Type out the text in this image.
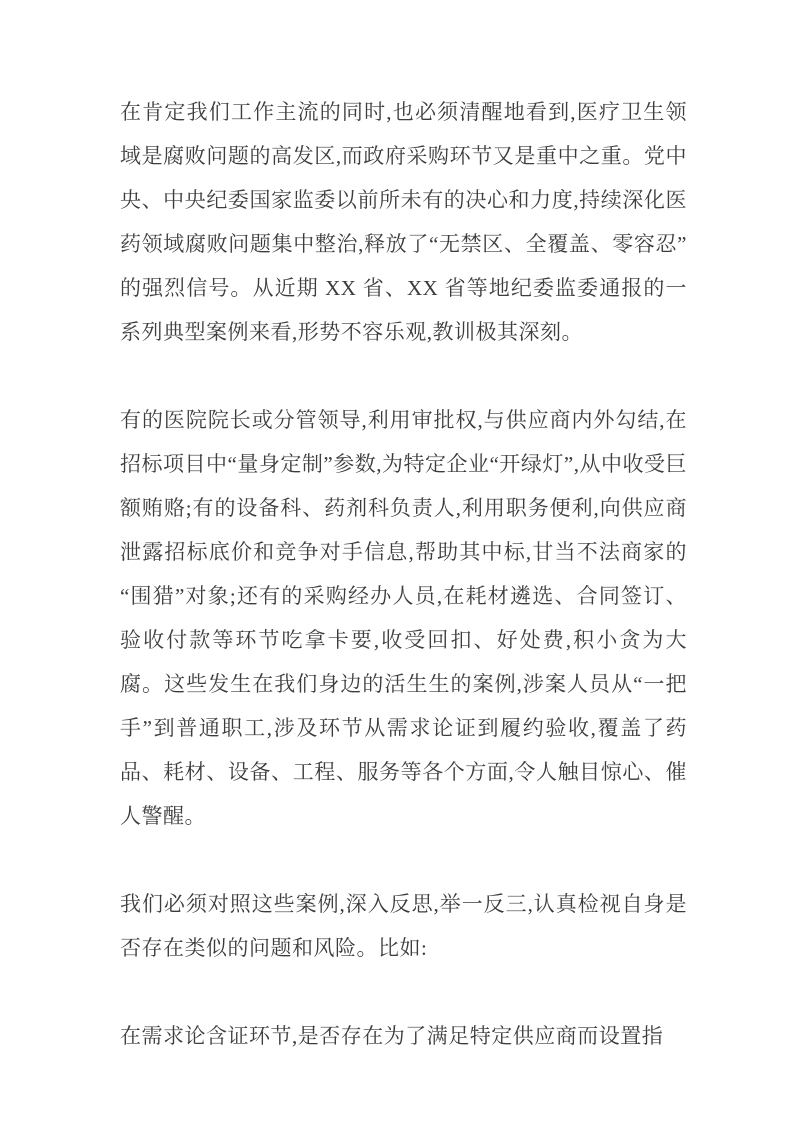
在肯定我们工作主流的同时,也必须清醒地看到,医疗卫生领域是腐败问题的高发区,而政府采购环节又是重中之重。党中央、中央纪委国家监委以前所未有的决心和力度,持续深化医药领域腐败问题集中整治,释放了“无禁区、全覆盖、零容忍”的强烈信号。从近期 XX 省、XX 省等地纪委监委通报的一系列典型案例来看,形势不容乐观,教训极其深刻。

有的医院院长或分管领导,利用审批权,与供应商内外勾结,在招标项目中“量身定制”参数,为特定企业“开绿灯”,从中收受巨额贿赂;有的设备科、药剂科负责人,利用职务便利,向供应商泄露招标底价和竞争对手信息,帮助其中标,甘当不法商家的“围猎”对象;还有的采购经办人员,在耗材遴选、合同签订、验收付款等环节吃拿卡要,收受回扣、好处费,积小贪为大腐。这些发生在我们身边的活生生的案例,涉案人员从“一把手”到普通职工,涉及环节从需求论证到履约验收,覆盖了药品、耗材、设备、工程、服务等各个方面,令人触目惊心、催人警醒。

我们必须对照这些案例,深入反思,举一反三,认真检视自身是否存在类似的问题和风险。比如:

在需求论含证环节,是否存在为了满足特定供应商而设置指
